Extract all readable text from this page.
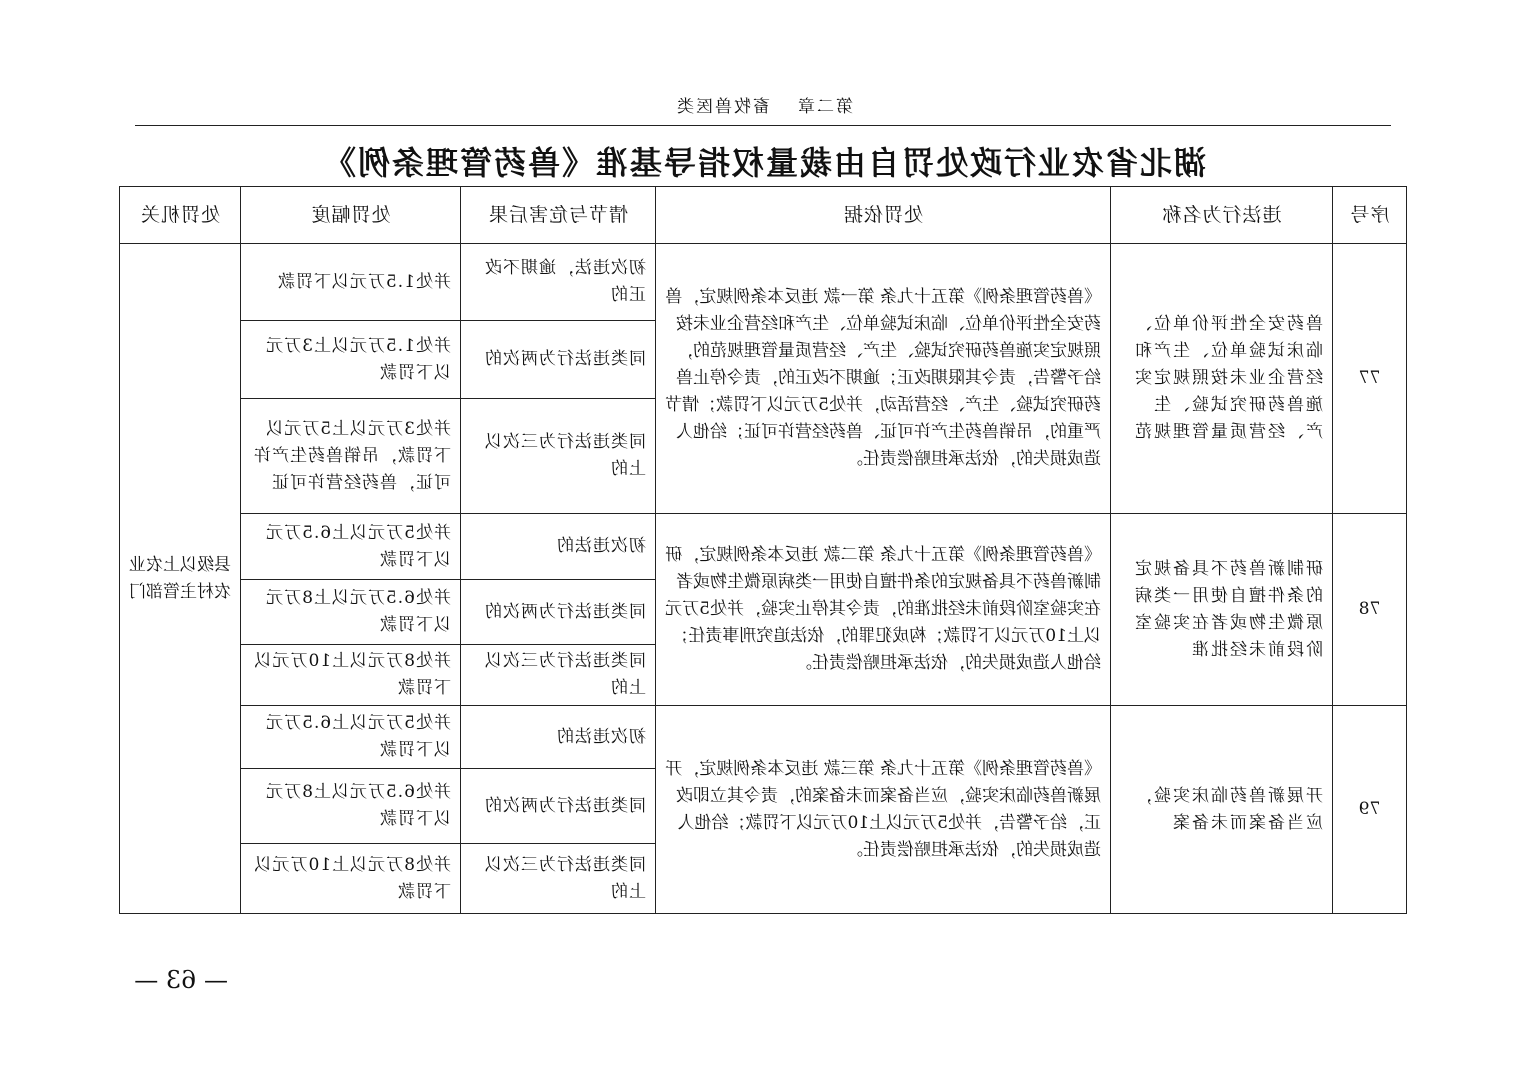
第二章畜牧兽医类
湖北省农业行政处罚自由裁量权指导基准《兽药管理条例》
序号	违法行为名称	处罚依据	情节与危害后果	处罚幅度	处罚机关
77	兽药安全性评价单位、临床试验单位、生产和经营企业未按照规定实施兽药研究试验、生产、经营质量管理规范	《兽药管理条例》第五十九条 第一款 违反本条例规定，兽药安全性评价单位、临床试验单位、生产和经营企业未按照规定实施兽药研究试验、生产、经营质量管理规范的，给予警告，责令其限期改正；逾期不改正的，责令停止兽药研究试验、生产、经营活动，并处5万元以下罚款；情节严重的，吊销兽药生产许可证、兽药经营许可证；给他人造成损失的，依法承担赔偿责任。	初次违法，逾期不改正的	并处1.5万元以下罚款	县级以上农业农村主管部门
			同类违法行为两次的	并处1.5万元以上3万元以下罚款	
			同类违法行为三次以上的	并处3万元以上5万元以下罚款，吊销兽药生产许可证，兽药经营许可证	
78	研制新兽药不具备规定的条件擅自使用一类病原微生物或者在实验室阶段前未经批准	《兽药管理条例》第五十九条 第二款 违反本条例规定，研制新兽药不具备规定的条件擅自使用一类病原微生物或者在实验室阶段前未经批准的，责令其停止实验，并处5万元以上10万元以下罚款；构成犯罪的，依法追究刑事责任；给他人造成损失的，依法承担赔偿责任。	初次违法的	并处5万元以上6.5万元以下罚款	
			同类违法行为两次的	并处6.5万元以上8万元以下罚款	
			同类违法行为三次以上的	并处8万元以上10万元以下罚款	
79	开展新兽药临床实验，应当备案而未备案	《兽药管理条例》第五十九条 第三款 违反本条例规定，开展新兽药临床实验，应当备案而未备案的，责令其立即改正，给予警告，并处5万元以上10万元以下罚款；给他人造成损失的，依法承担赔偿责任。	初次违法的	并处5万元以上6.5万元以下罚款	
			同类违法行为两次的	并处6.5万元以上8万元以下罚款	
			同类违法行为三次以上的	并处8万元以上10万元以下罚款	
— 63 —
